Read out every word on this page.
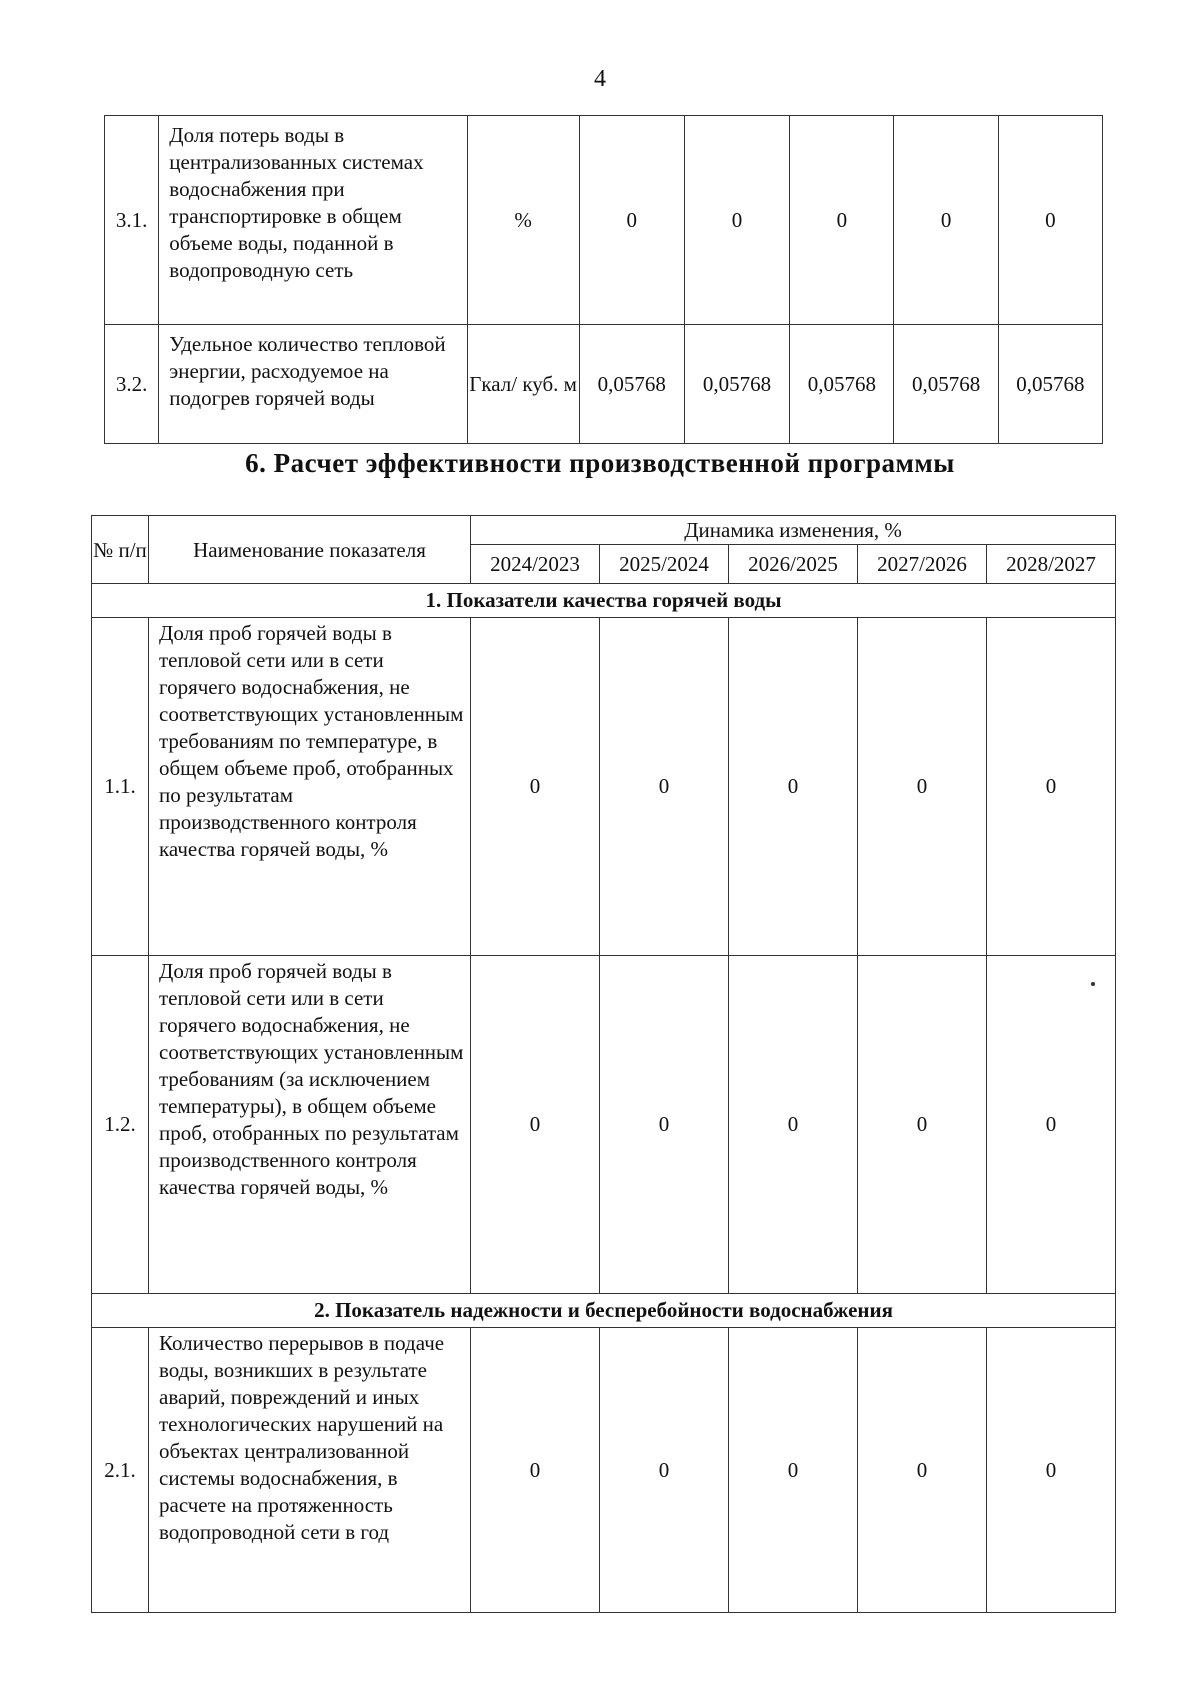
4
3.1.	Доля потерь воды в централизованных системах водоснабжения при транспортировке в общем объеме воды, поданной в водопроводную сеть	%	0	0	0	0	0
3.2.	Удельное количество тепловой энергии, расходуемое на подогрев горячей воды	Гкал/ куб. м	0,05768	0,05768	0,05768	0,05768	0,05768
6. Расчет эффективности производственной программы
№ п/п	Наименование показателя	Динамика изменения, %				
		2024/2023	2025/2024	2026/2025	2027/2026	2028/2027
1. Показатели качества горячей воды						
1.1.	Доля проб горячей воды в тепловой сети или в сети горячего водоснабжения, не соответствующих установленным требованиям по температуре, в общем объеме проб, отобранных по результатам производственного контроля качества горячей воды, %	0	0	0	0	0
1.2.	Доля проб горячей воды в тепловой сети или в сети горячего водоснабжения, не соответствующих установленным требованиям (за исключением температуры), в общем объеме проб, отобранных по результатам производственного контроля качества горячей воды, %	0	0	0	0	0
2. Показатель надежности и бесперебойности водоснабжения						
2.1.	Количество перерывов в подаче воды, возникших в результате аварий, повреждений и иных технологических нарушений на объектах централизованной системы водоснабжения, в расчете на протяженность водопроводной сети в год	0	0	0	0	0
